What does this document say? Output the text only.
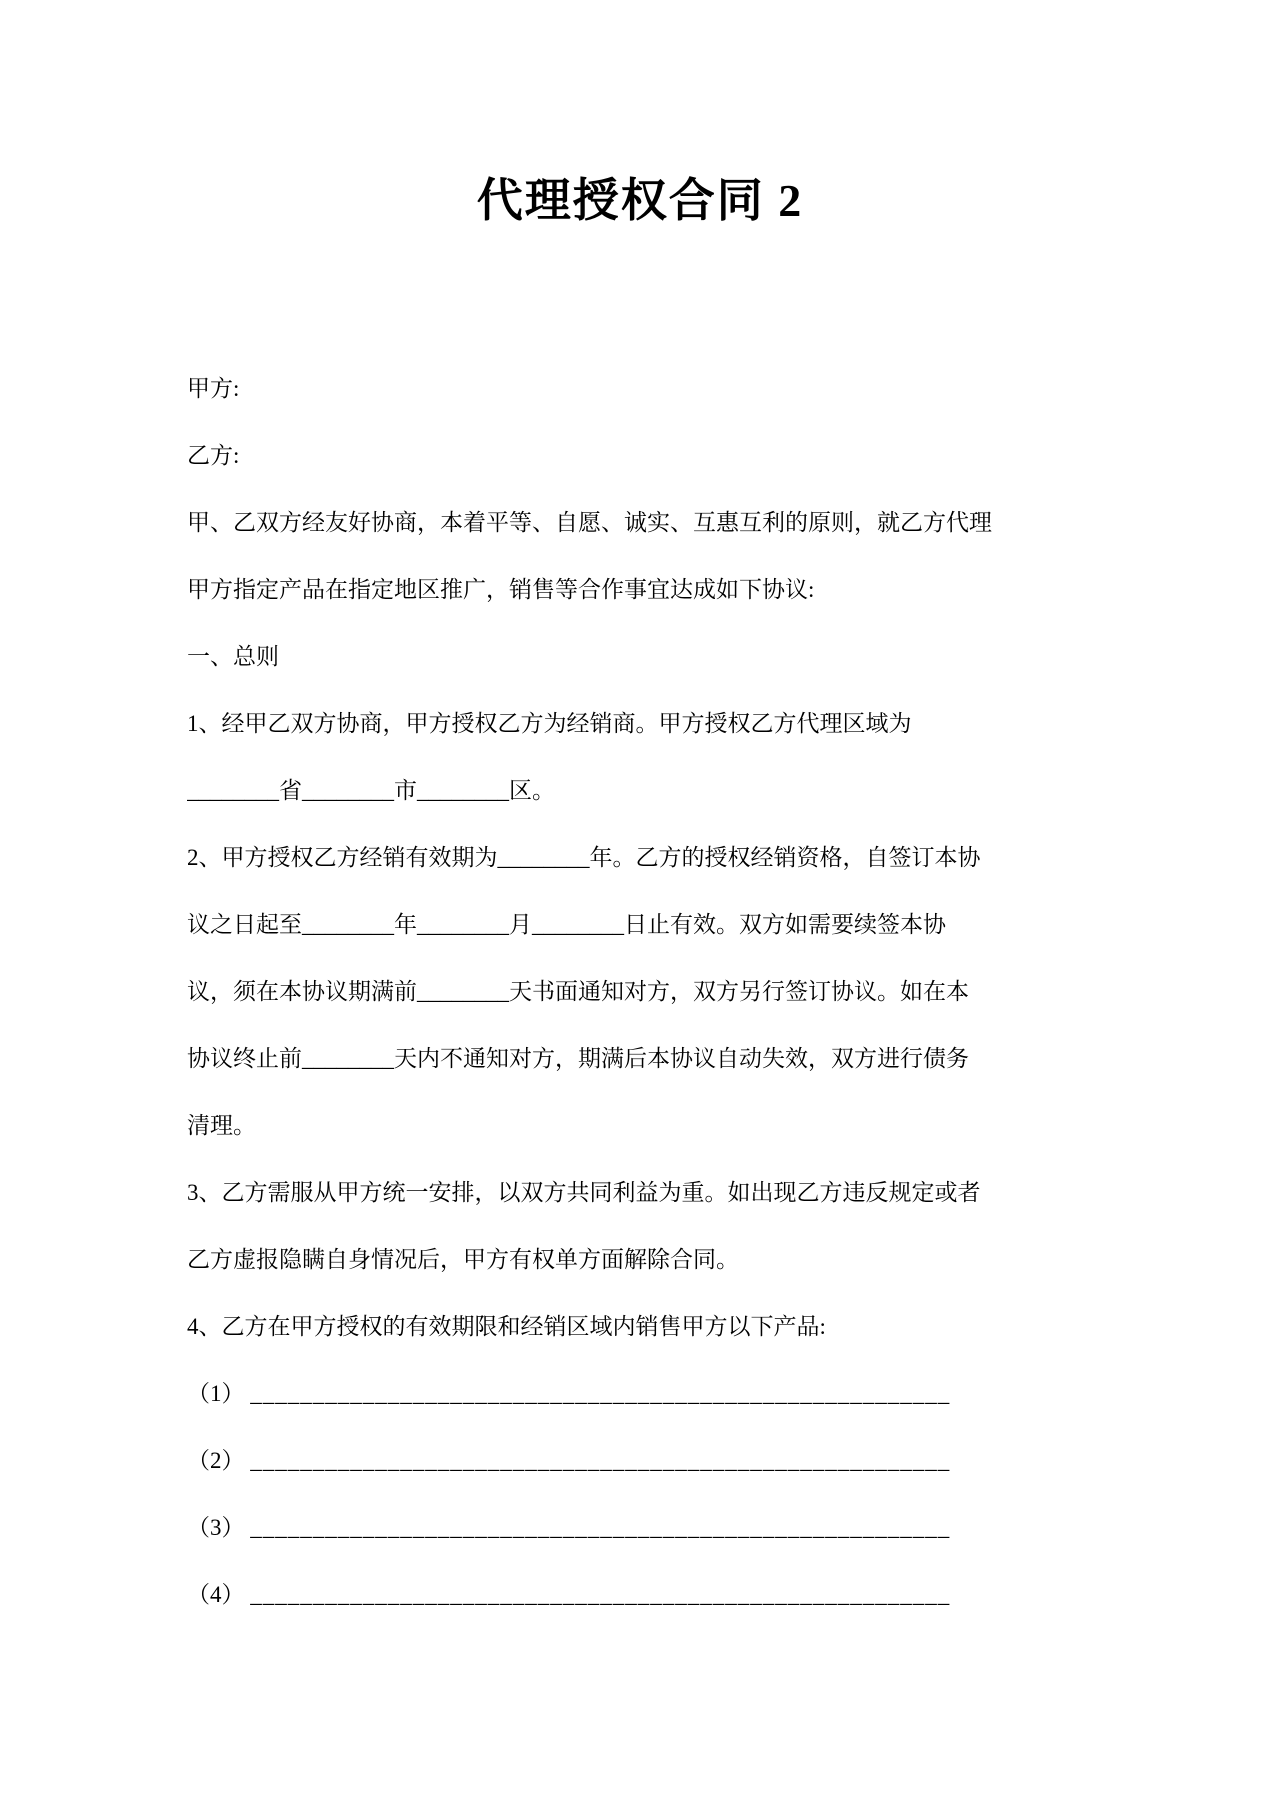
代理授权合同 2
甲方:
乙方:
甲、乙双方经友好协商，本着平等、自愿、诚实、互惠互利的原则，就乙方代理
甲方指定产品在指定地区推广，销售等合作事宜达成如下协议:
一、总则
1、经甲乙双方协商，甲方授权乙方为经销商。甲方授权乙方代理区域为
________省________市________区。
2、甲方授权乙方经销有效期为________年。乙方的授权经销资格，自签订本协
议之日起至________年________月________日止有效。双方如需要续签本协
议，须在本协议期满前________天书面通知对方，双方另行签订协议。如在本
协议终止前________天内不通知对方，期满后本协议自动失效，双方进行债务
清理。
3、乙方需服从甲方统一安排，以双方共同利益为重。如出现乙方违反规定或者
乙方虚报隐瞒自身情况后，甲方有权单方面解除合同。
4、乙方在甲方授权的有效期限和经销区域内销售甲方以下产品:
（1） ________________________________________________________
（2） ________________________________________________________
（3） ________________________________________________________
（4） ________________________________________________________
